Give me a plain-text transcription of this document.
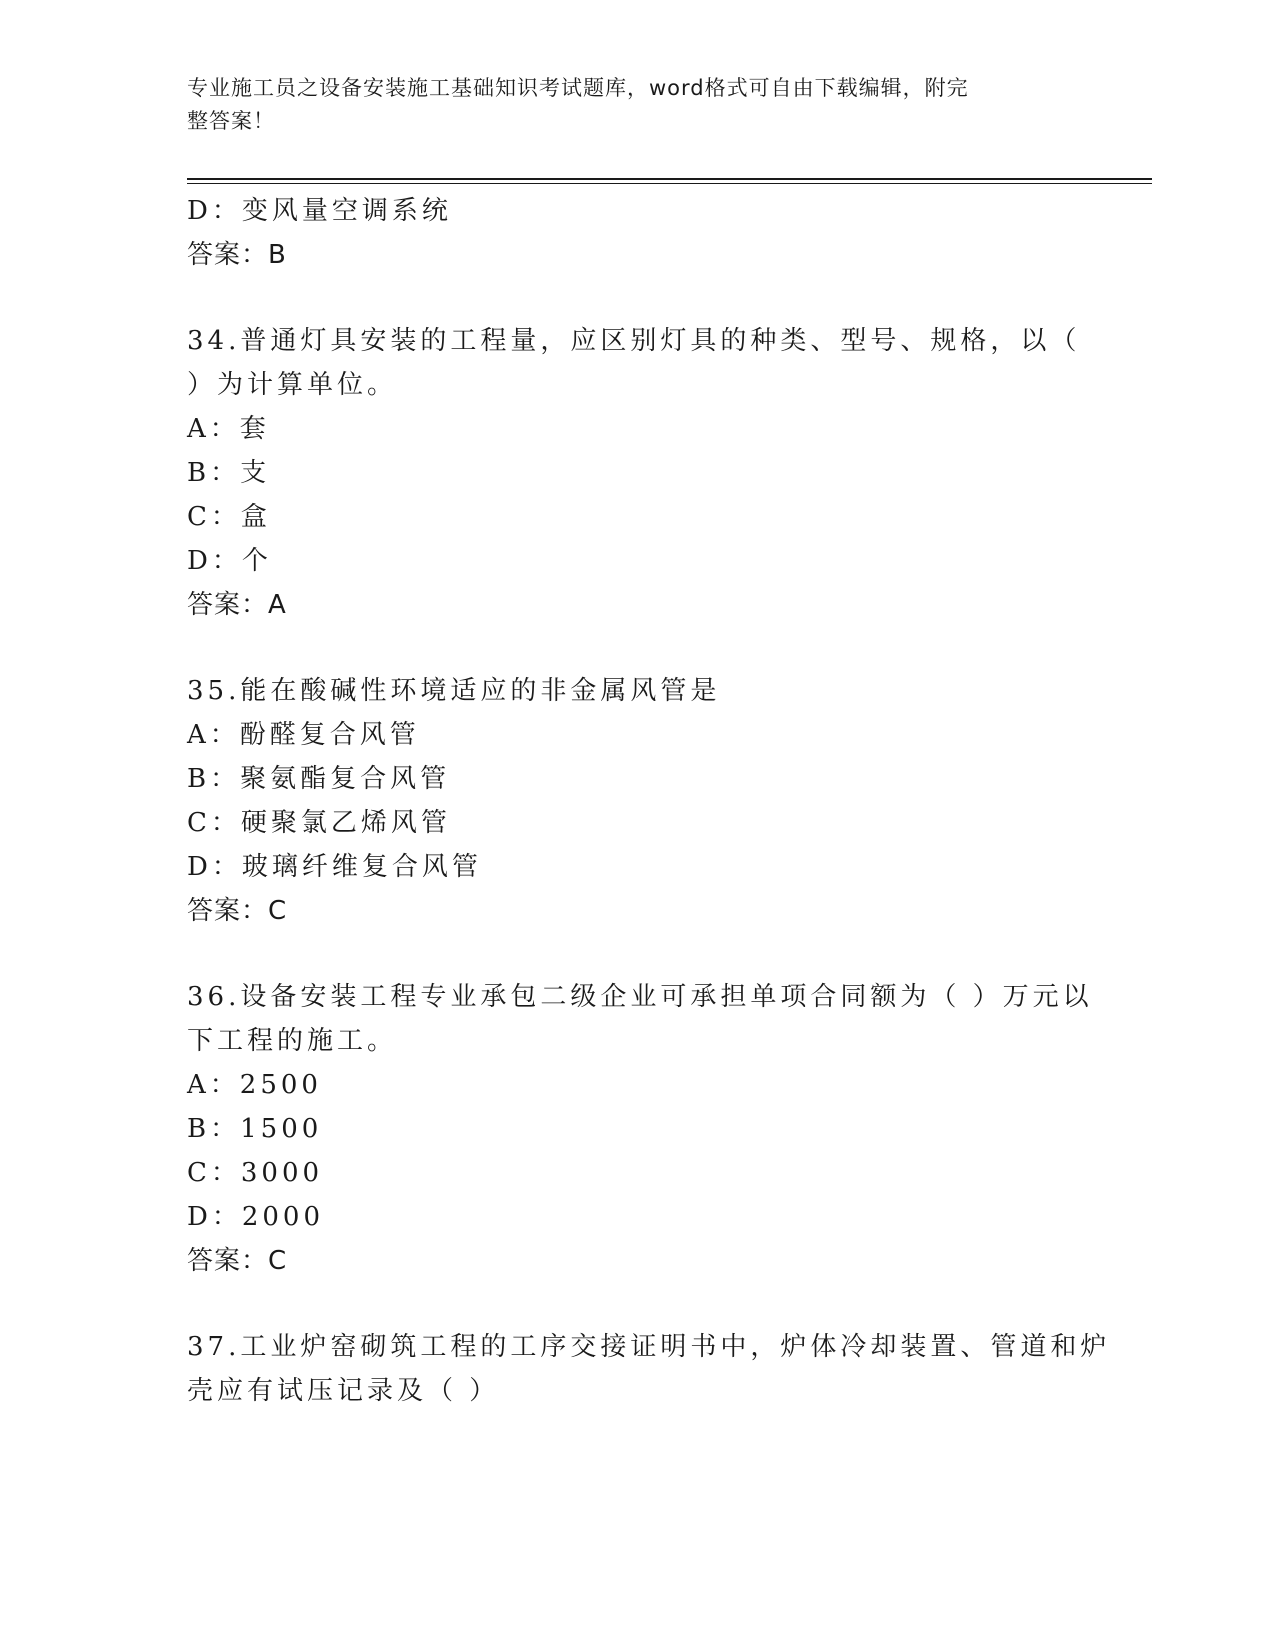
专业施工员之设备安装施工基础知识考试题库，word格式可自由下载编辑，附完
整答案！
D：变风量空调系统
答案：B
34.普通灯具安装的工程量，应区别灯具的种类、型号、规格，以（
）为计算单位。
A：套
B：支
C：盒
D：个
答案：A
35.能在酸碱性环境适应的非金属风管是
A：酚醛复合风管
B：聚氨酯复合风管
C：硬聚氯乙烯风管
D：玻璃纤维复合风管
答案：C
36.设备安装工程专业承包二级企业可承担单项合同额为（ ）万元以
下工程的施工。
A：2500
B：1500
C：3000
D：2000
答案：C
37.工业炉窑砌筑工程的工序交接证明书中，炉体冷却装置、管道和炉
壳应有试压记录及（ ）
